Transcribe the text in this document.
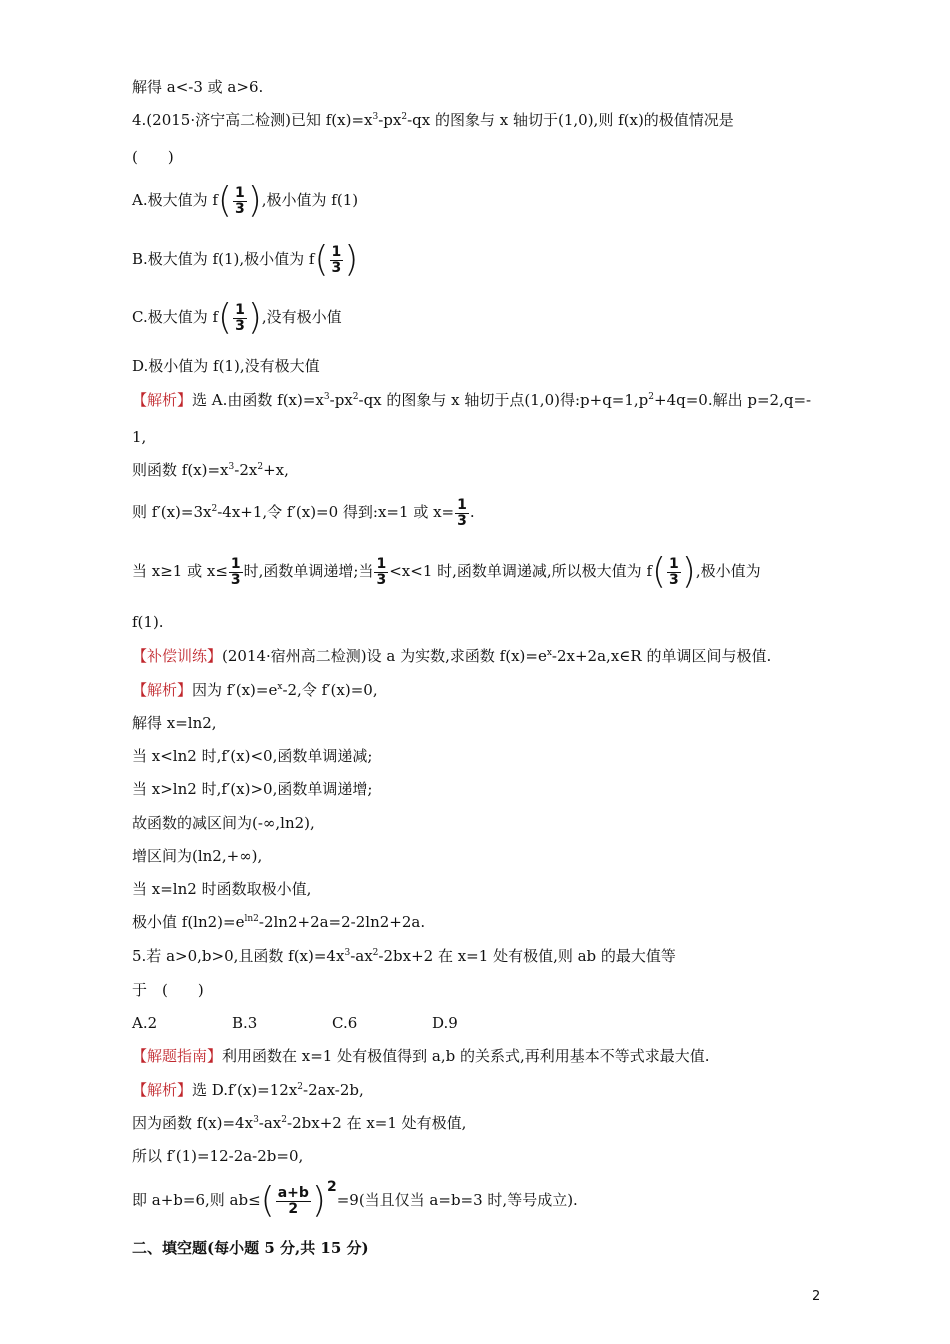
解得 a<-3 或 a>6.
4.(2015·济宁高二检测)已知 $f(x)=x^3-px^2-qx$ 的图象与 x 轴切于(1,0),则 f(x)的极值情况是
(　　)
A.极大值为 $f( \frac{1}{3}$ ),极小值为 f(1)
B.极大值为 f(1),极小值为 $f( \frac{1}{3}$ )
C.极大值为 $f( \frac{1}{3}$ ),没有极小值
D.极小值为 f(1),没有极大值
【解析】选 A.由函数 $f(x)=x^3-px^2-qx$ 的图象与 x 轴切于点(1,0)得$:p+q=1,p^2+4q=0$.解出 p=2,q=-
1,
则函数 $f(x)=x^3-2x^2+x$,
则 $f'(x)=3x^2-4x+1$,令 f′(x)=0 得到:x=1 或 $x= \frac{1}{3}$ .
当 x≥1 或 $x\le \frac{1}{3}$ 时,函数单调递增;当 $\frac{1}{3} <x<1$ 时,函数单调递减,所以极大值为 $f( \frac{1}{3}$ ),极小值为
f(1).
【补偿训练】(2014·宿州高二检测)设 a 为实数,求函数 $f(x)=e^x-2x+2a,x\in R$ 的单调区间与极值.
【解析】因为 $f'(x)=e^x-2$,令 f′(x)=0,
解得 x=ln2,
当 x<ln2 时,f′(x)<0,函数单调递减;
当 x>ln2 时,f′(x)>0,函数单调递增;
故函数的减区间为(-∞,ln2),
增区间为(ln2,+∞),
当 x=ln2 时函数取极小值,
极小值 $f(\ln 2)=e^{ln2}-2\ln 2+2a=2-2\ln 2+2a$.
5.若 a>0,b>0,且函数 $f(x)=4x^3-ax^2-2bx+2$ 在 x=1 处有极值,则 ab 的最大值等
于　(　　)
A.2	B.3	C.6	D.9
【解题指南】利用函数在 x=1 处有极值得到 a,b 的关系式,再利用基本不等式求最大值.
【解析】选 $D.f'(x)=12x^2-2ax-2b$,
因为函数 $f(x)=4x^3-ax^2-2bx+2$ 在 x=1 处有极值,
所以 f′(1)=12-2a-2b=0,
即 a+b=6,则 $ab\le( \frac{a+b}{2} )2=9$(当且仅当 a=b=3 时,等号成立).
二、填空题(每小题 5 分,共 15 分)
2
